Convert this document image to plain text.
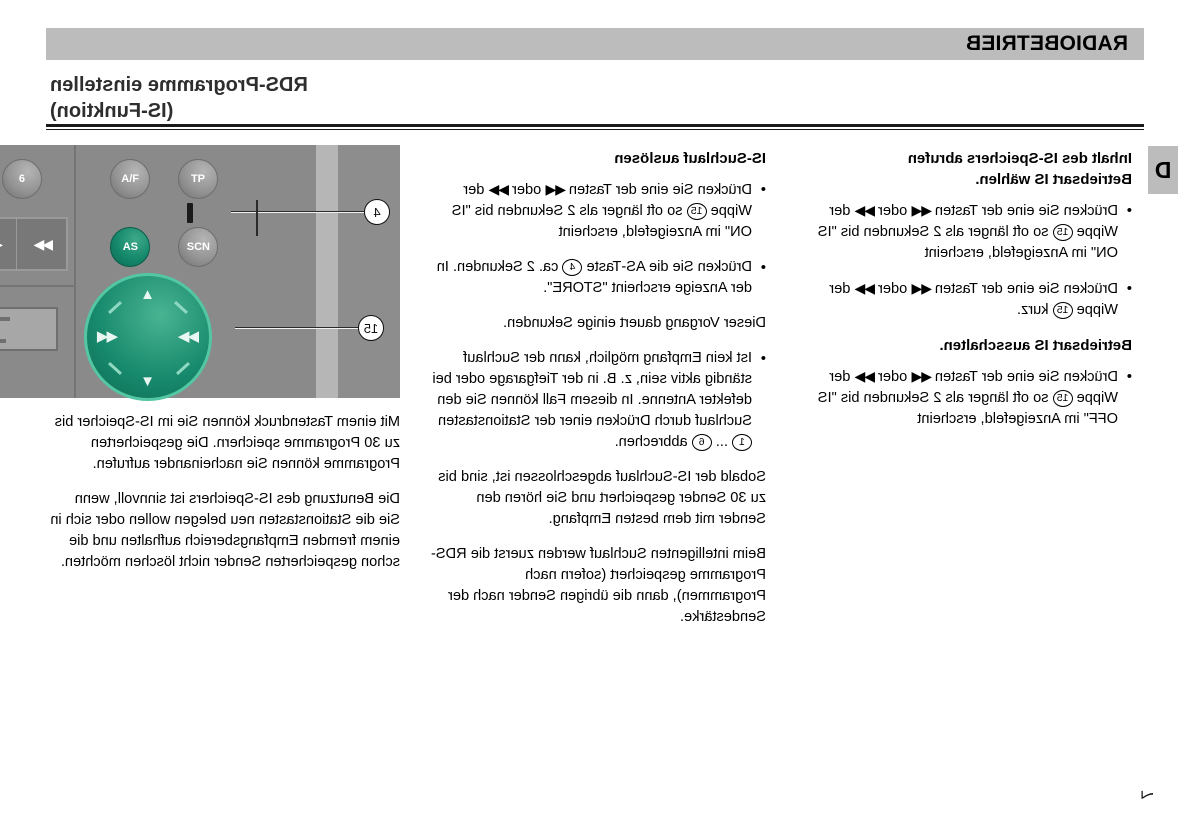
RADIOBETRIEB
RDS-Programme einstellen
(IS-Funktion)
D
Inhalt des IS-Speichers abrufen
Betriebsart IS wählen.
• Drücken Sie eine der Tasten ▶▶ oder ◀◀ der Wippe 15 so oft länger als 2 Sekunden bis "IS ON" im Anzeigefeld, erscheint
• Drücken Sie eine der Tasten ▶▶ oder ◀◀ der Wippe 15 kurz.
Betriebsart IS ausschalten.
• Drücken Sie eine der Tasten ▶▶ oder ◀◀ der Wippe 15 so oft länger als 2 Sekunden bis "IS OFF" im Anzeigefeld, erscheint
IS-Suchlauf auslösen
• Drücken Sie eine der Tasten ▶▶ oder ◀◀ der Wippe 15 so oft länger als 2 Sekunden bis "IS ON" im Anzeigefeld, erscheint
• Drücken Sie die AS-Taste 4 ca. 2 Sekunden. In der Anzeige erscheint "STORE".

Dieser Vorgang dauert einige Sekunden.

• Ist kein Empfang möglich, kann der Suchlauf ständig aktiv sein, z. B. in der Tiefgarage oder bei defekter Antenne. In diesem Fall können Sie den Suchlauf durch Drücken einer der Stationstasten 1 ... 6 abbrechen.

Sobald der IS-Suchlauf abgeschlossen ist, sind bis zu 30 Sender gespeichert und Sie hören den Sender mit dem besten Empfang.

Beim intelligenten Suchlauf werden zuerst die RDS-Programme gespeichert (sofern nach Programmen), dann die übrigen Sender nach der Sendestärke.

Mit einem Tastendruck können Sie im IS-Speicher bis zu 30 Programme speichern. Die gespeicherten Programme können Sie nacheinander aufrufen.

Die Benutzung des IS-Speichers ist sinnvoll, wenn Sie die Stationstasten neu belegen wollen oder sich in einem fremden Empfangsbereich aufhalten und die schon gespeicherten Sender nicht löschen möchten.

TP
A/F
6
SCN
AS
▲
▼
◀◀
▶▶
◀◀
4
15
7
